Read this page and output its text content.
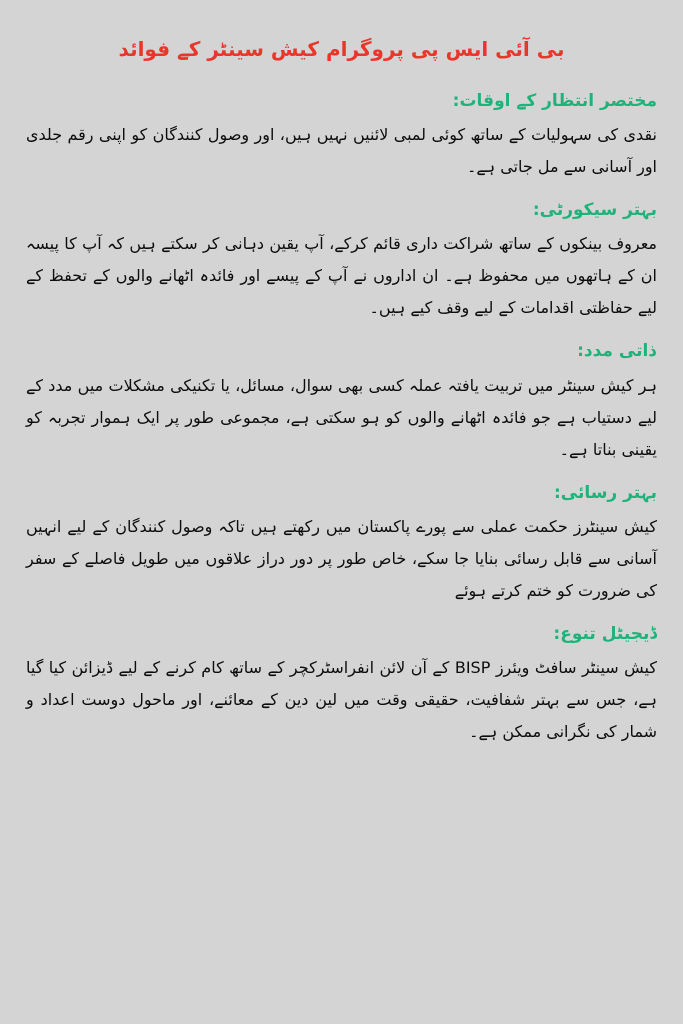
بی آئی ایس پی پروگرام کیش سینٹر کے فوائد
مختصر انتظار کے اوقات:
نقدی کی سہولیات کے ساتھ کوئی لمبی لائنیں نہیں ہیں، اور وصول کنندگان کو اپنی رقم جلدی اور آسانی سے مل جاتی ہے۔
بہتر سیکورٹی:
معروف بینکوں کے ساتھ شراکت داری قائم کرکے، آپ یقین دہانی کر سکتے ہیں کہ آپ کا پیسہ ان کے ہاتھوں میں محفوظ ہے۔ ان اداروں نے آپ کے پیسے اور فائدہ اٹھانے والوں کے تحفظ کے لیے حفاظتی اقدامات کے لیے وقف کیے ہیں۔
ذاتی مدد:
ہر کیش سینٹر میں تربیت یافتہ عملہ کسی بھی سوال، مسائل، یا تکنیکی مشکلات میں مدد کے لیے دستیاب ہے جو فائدہ اٹھانے والوں کو ہو سکتی ہے، مجموعی طور پر ایک ہموار تجربہ کو یقینی بناتا ہے۔
بہتر رسائی:
کیش سینٹرز حکمت عملی سے پورے پاکستان میں رکھتے ہیں تاکہ وصول کنندگان کے لیے انہیں آسانی سے قابل رسائی بنایا جا سکے، خاص طور پر دور دراز علاقوں میں طویل فاصلے کے سفر کی ضرورت کو ختم کرتے ہوئے
ڈیجیٹل تنوع:
کیش سینٹر سافٹ ویئرز BISP کے آن لائن انفراسٹرکچر کے ساتھ کام کرنے کے لیے ڈیزائن کیا گیا ہے، جس سے بہتر شفافیت، حقیقی وقت میں لین دین کے معائنے، اور ماحول دوست اعداد و شمار کی نگرانی ممکن ہے۔
